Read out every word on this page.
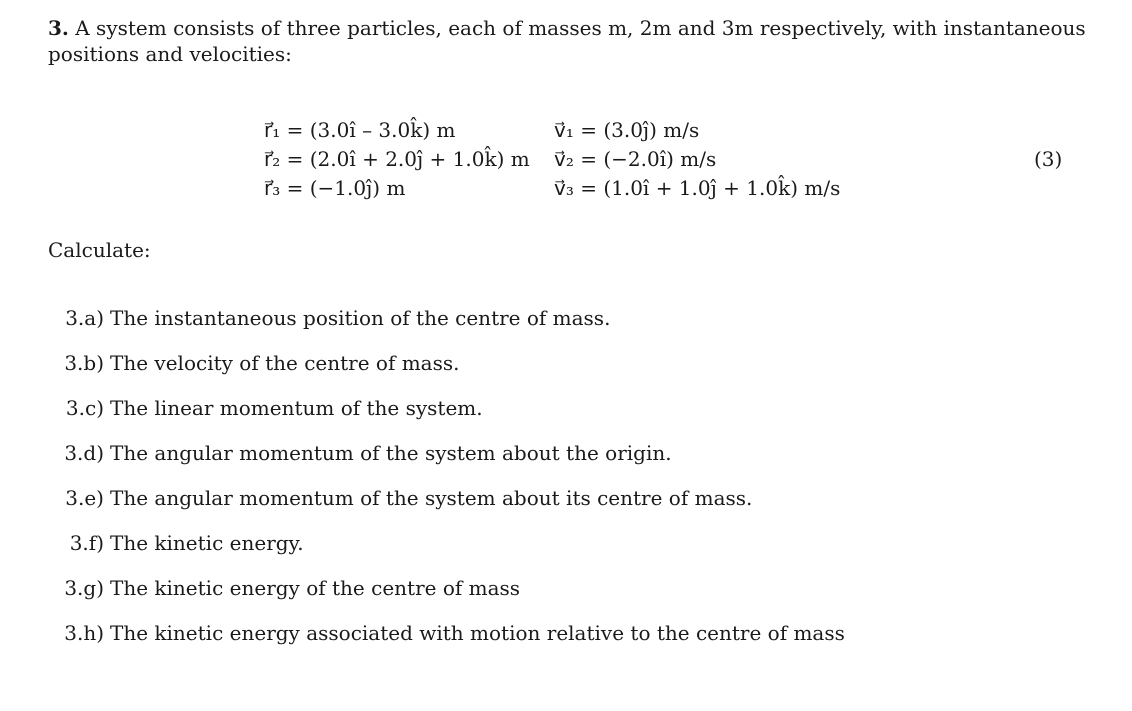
3. A system consists of three particles, each of masses m, 2m and 3m respectively, with instantaneous positions and velocities:
r⃗₁ = (3.0î – 3.0k̂) m
r⃗₂ = (2.0î + 2.0ĵ + 1.0k̂) m
r⃗₃ = (−1.0ĵ) m
v⃗₁ = (3.0ĵ) m/s
v⃗₂ = (−2.0î) m/s
v⃗₃ = (1.0î + 1.0ĵ + 1.0k̂) m/s
(3)
Calculate:
3.a) The instantaneous position of the centre of mass.
3.b) The velocity of the centre of mass.
3.c) The linear momentum of the system.
3.d) The angular momentum of the system about the origin.
3.e) The angular momentum of the system about its centre of mass.
3.f) The kinetic energy.
3.g) The kinetic energy of the centre of mass
3.h) The kinetic energy associated with motion relative to the centre of mass
